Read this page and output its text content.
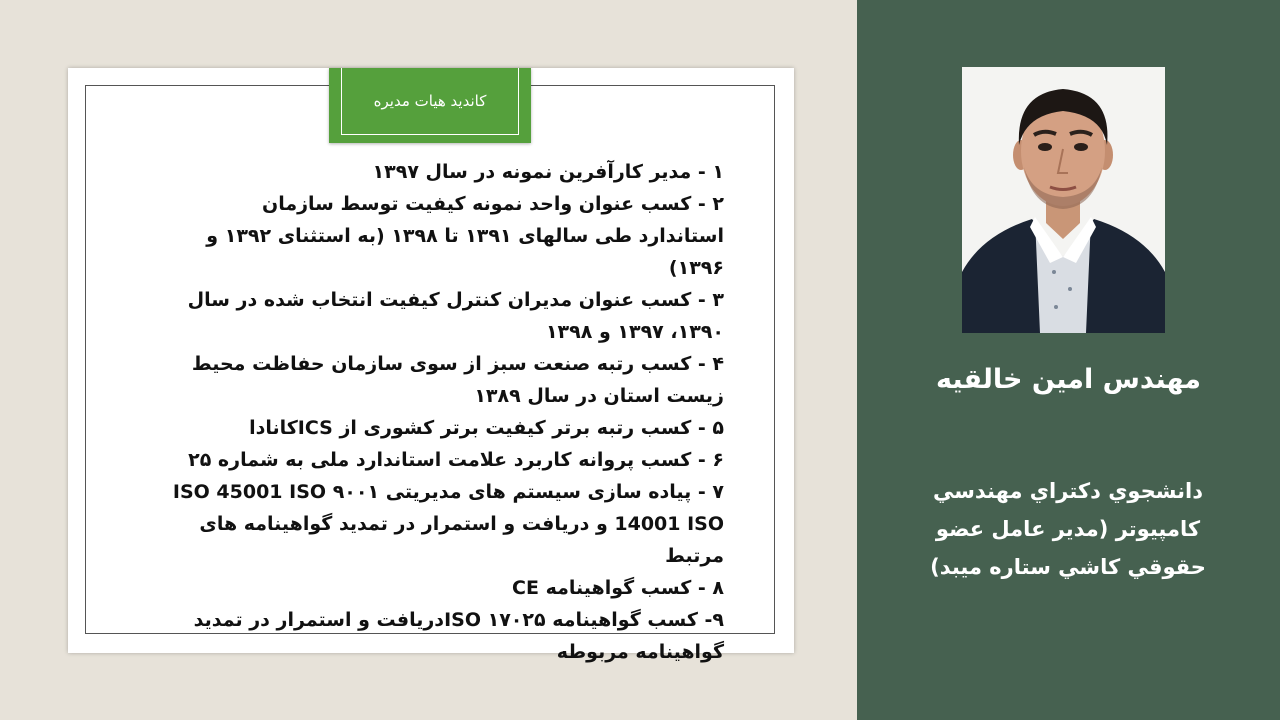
کاندید هیات مدیره
۱ - مدیر کارآفرین نمونه در سال ۱۳۹۷
۲ - کسب عنوان واحد نمونه کیفیت توسط سازمان استاندارد طی سالهای ۱۳۹۱ تا ۱۳۹۸ (به استثنای ۱۳۹۲ و ۱۳۹۶)
۳ - کسب عنوان مدیران کنترل کیفیت انتخاب شده در سال ۱۳۹۰، ۱۳۹۷ و ۱۳۹۸
۴ - کسب رتبه صنعت سبز از سوی سازمان حفاظت محیط زیست استان در سال ۱۳۸۹
۵ - کسب رتبه برتر کیفیت برتر کشوری از ICSکانادا
۶ - کسب پروانه کاربرد علامت استاندارد ملی به شماره ۲۵
۷ - پیاده سازی سیستم های مدیریتی ۹۰۰۱ ISO 45001 ISO 14001 ISO و دریافت و استمرار در تمدید گواهینامه های مرتبط
۸ - کسب گواهینامه CE
۹- کسب گواهینامه ۱۷۰۲۵ ISOدریافت و استمرار در تمدید گواهینامه مربوطه
مهندس امین خالقیه
دانشجوي دكتراي مهندسي كامپيوتر (مدير عامل عضو حقوقي كاشي ستاره ميبد)
